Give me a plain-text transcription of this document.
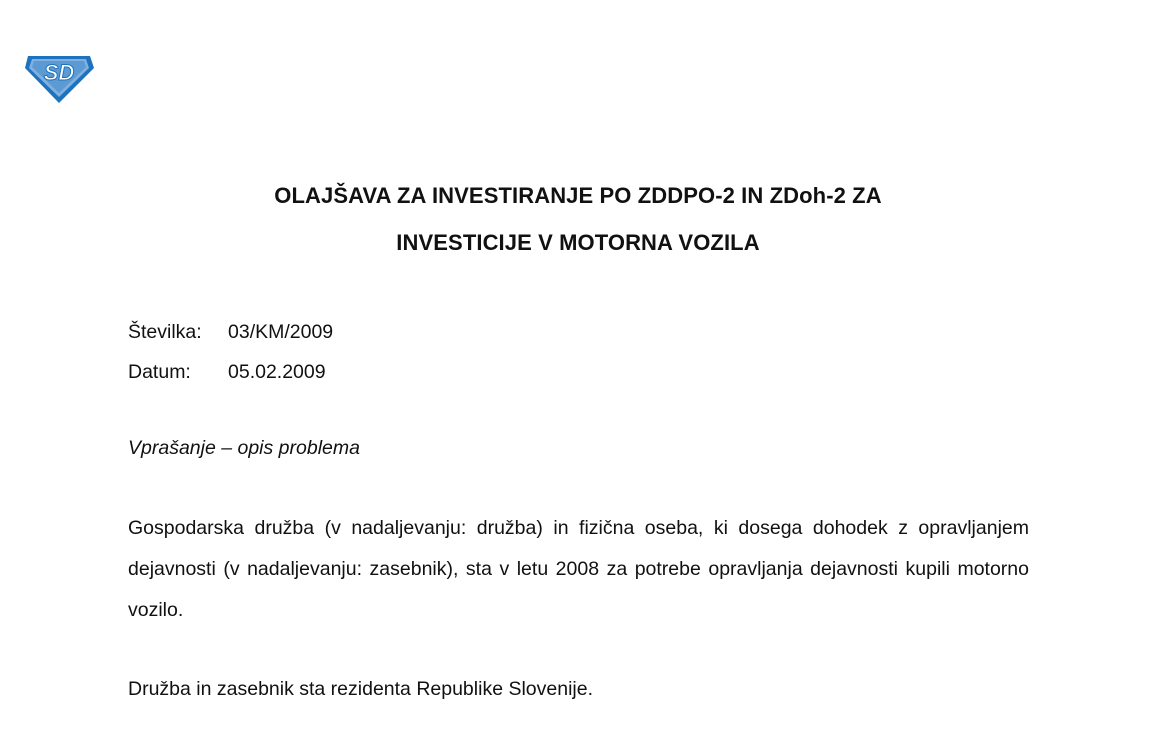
SD
OLAJŠAVA ZA INVESTIRANJE PO ZDDPO-2 IN ZDoh-2 ZA
INVESTICIJE V MOTORNA VOZILA
Številka: 03/KM/2009
Datum: 05.02.2009
Vprašanje – opis problema
Gospodarska družba (v nadaljevanju: družba) in fizična oseba, ki dosega dohodek z opravljanjem dejavnosti (v nadaljevanju: zasebnik), sta v letu 2008 za potrebe opravljanja dejavnosti kupili motorno vozilo.
Družba in zasebnik sta rezidenta Republike Slovenije.
